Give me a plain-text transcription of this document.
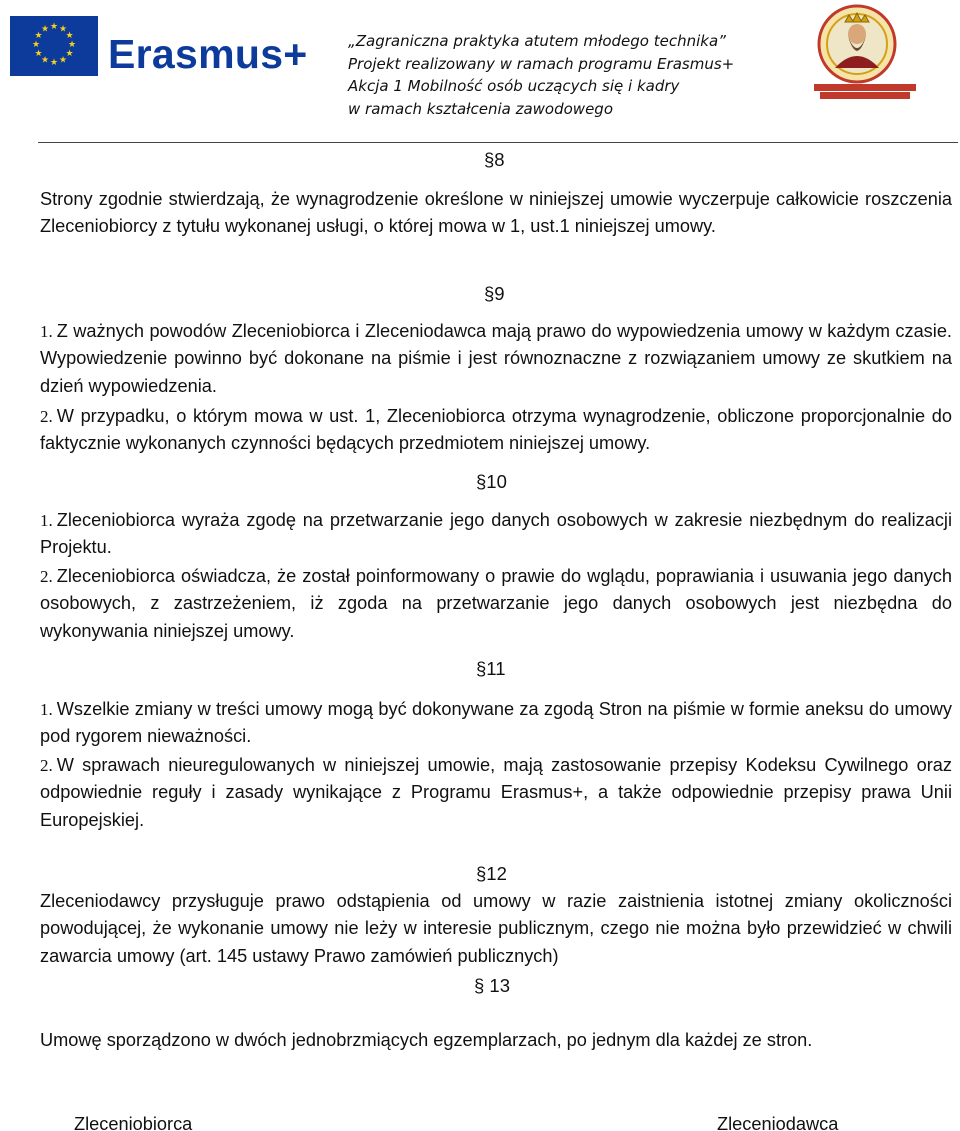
★ ★
★
★
★
★
★
★
★
★
★
★
Erasmus+	„Zagraniczna praktyka atutem młodego technika”
Projekt realizowany w ramach programu Erasmus+
Akcja 1 Mobilność osób uczących się i kadry
w ramach kształcenia zawodowego
§8
Strony zgodnie stwierdzają, że wynagrodzenie określone w niniejszej umowie wyczerpuje całkowicie roszczenia Zleceniobiorcy z tytułu wykonanej usługi, o której mowa w 1, ust.1 niniejszej umowy.
§9
1. Z ważnych powodów Zleceniobiorca i Zleceniodawca mają prawo do wypowiedzenia umowy w każdym czasie. Wypowiedzenie powinno być dokonane na piśmie i jest równoznaczne z rozwiązaniem umowy ze skutkiem na dzień wypowiedzenia.
2. W przypadku, o którym mowa w ust. 1, Zleceniobiorca otrzyma wynagrodzenie, obliczone proporcjonalnie do faktycznie wykonanych czynności będących przedmiotem niniejszej umowy.
§10
1. Zleceniobiorca wyraża zgodę na przetwarzanie jego danych osobowych w zakresie niezbędnym do realizacji Projektu.
2. Zleceniobiorca oświadcza, że został poinformowany o prawie do wglądu, poprawiania i usuwania jego danych osobowych, z zastrzeżeniem, iż zgoda na przetwarzanie jego danych osobowych jest niezbędna do wykonywania niniejszej umowy.
§11
1. Wszelkie zmiany w treści umowy mogą być dokonywane za zgodą Stron na piśmie w formie aneksu do umowy pod rygorem nieważności.
2. W sprawach nieuregulowanych w niniejszej umowie, mają zastosowanie przepisy Kodeksu Cywilnego oraz odpowiednie reguły i zasady wynikające z Programu Erasmus+, a także odpowiednie przepisy prawa Unii Europejskiej.
§12
Zleceniodawcy przysługuje prawo odstąpienia od umowy w razie zaistnienia istotnej zmiany okoliczności powodującej, że wykonanie umowy nie leży w interesie publicznym, czego nie można było przewidzieć w chwili zawarcia umowy (art. 145 ustawy Prawo zamówień publicznych)
§ 13
Umowę sporządzono w dwóch jednobrzmiących egzemplarzach, po jednym dla każdej ze stron.
Zleceniobiorca	Zleceniodawca
